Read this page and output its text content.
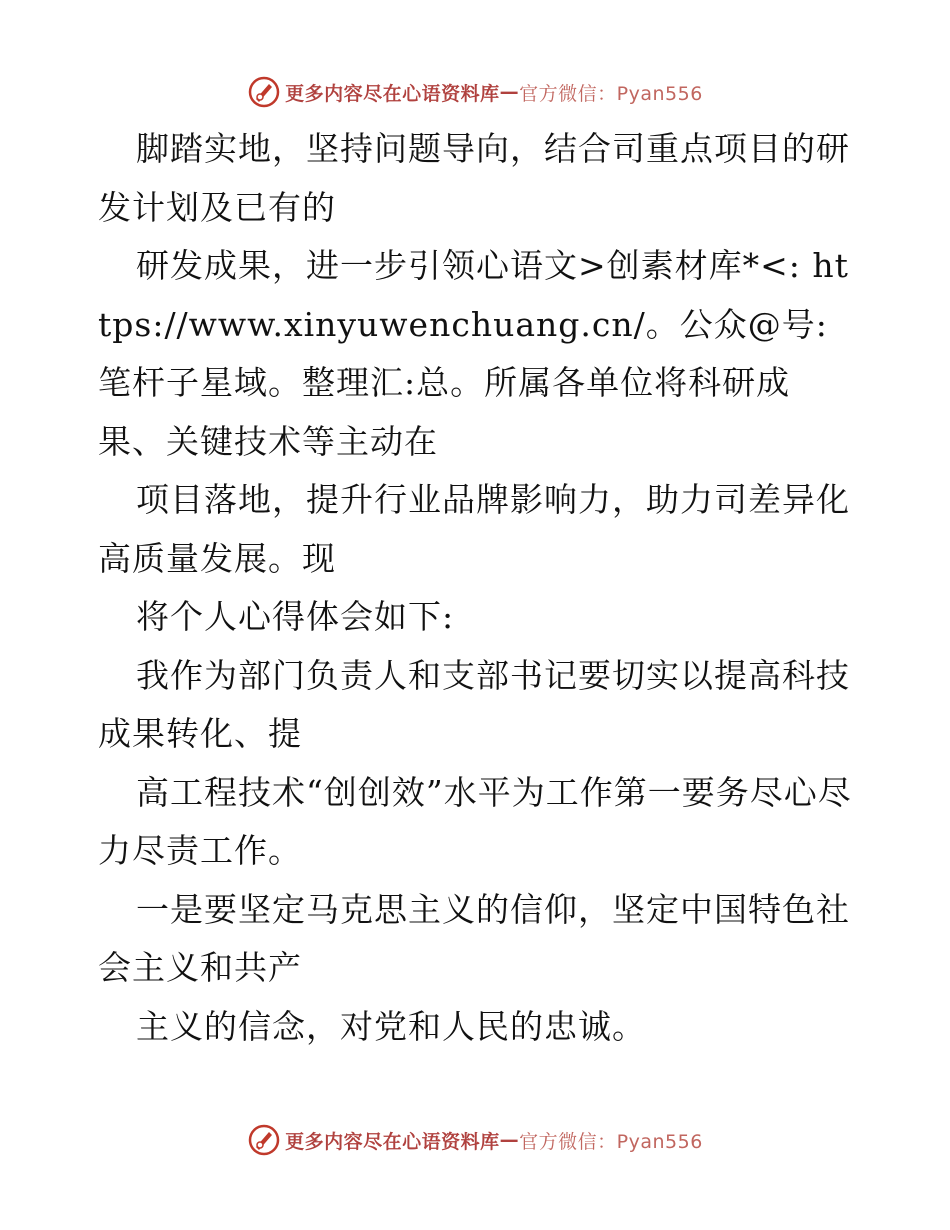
更多内容尽在心语资料库 — 官方微信：Pyan556

脚踏实地，坚持问题导向，结合司重点项目的研发计划及已有的

研发成果，进一步引领心语文>创素材库*<: https://www.xinyuwenchuang.cn/。公众@号: 笔杆子星域。整理汇:总。所属各单位将科研成果、关键技术等主动在

项目落地，提升行业品牌影响力，助力司差异化高质量发展。现

将个人心得体会如下:

我作为部门负责人和支部书记要切实以提高科技成果转化、提

高工程技术“创创效”水平为工作第一要务尽心尽力尽责工作。

一是要坚定马克思主义的信仰，坚定中国特色社会主义和共产

主义的信念，对党和人民的忠诚。

更多内容尽在心语资料库 — 官方微信：Pyan556
